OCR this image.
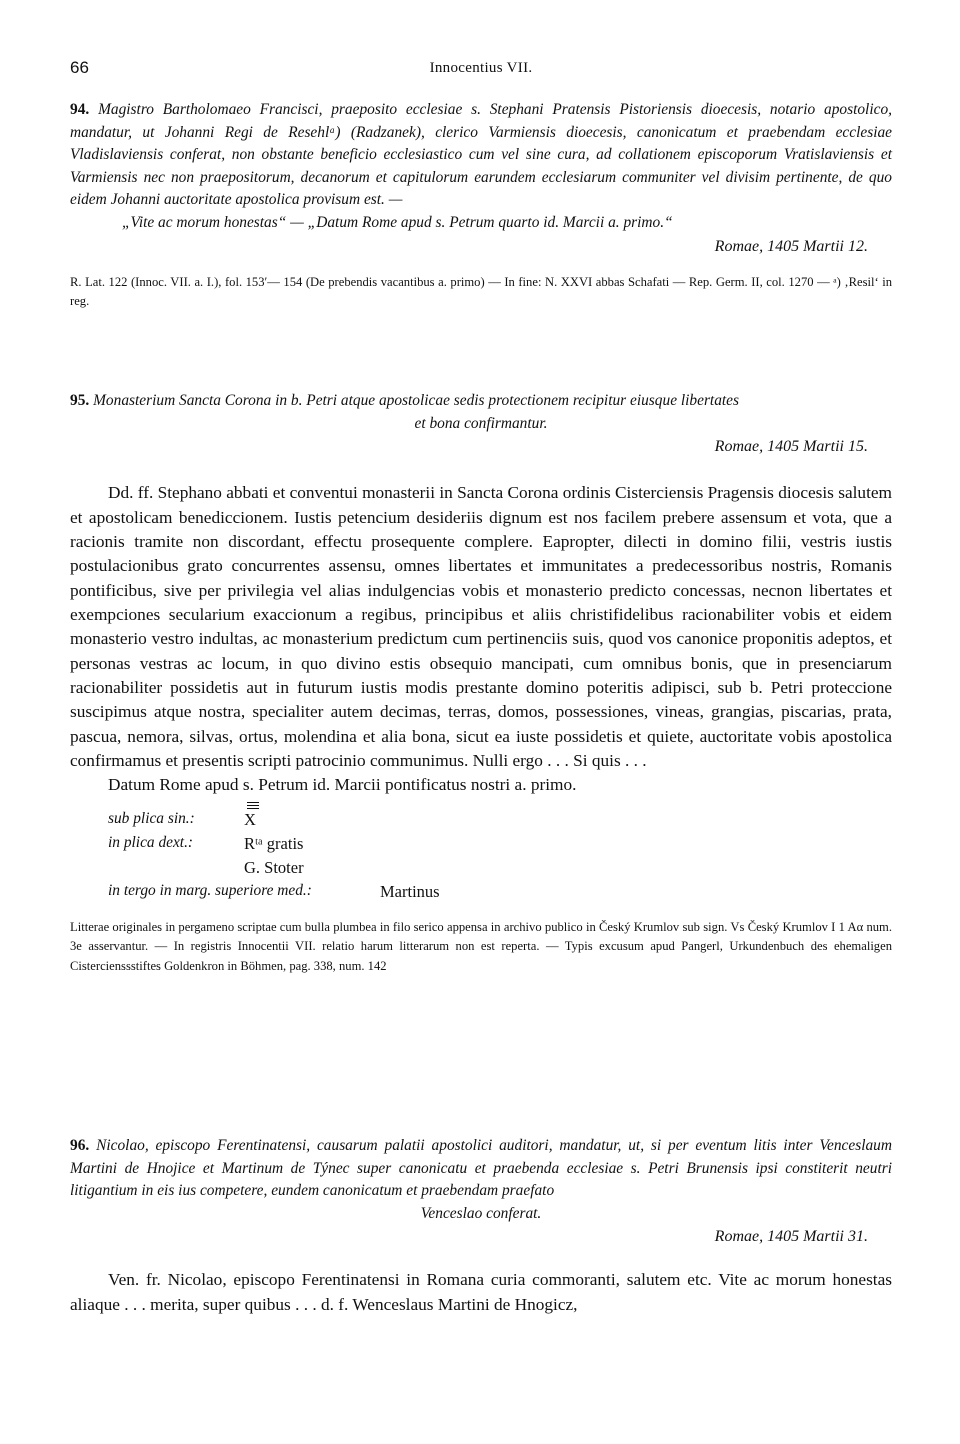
66	Innocentius VII.

94. Magistro Bartholomaeo Francisci, praeposito ecclesiae s. Stephani Pratensis Pistoriensis dioecesis, notario apostolico, mandatur, ut Johanni Regi de Resehlᵃ) (Radzanek), clerico Varmiensis dioecesis, canonicatum et praebendam ecclesiae Vladislaviensis conferat, non obstante beneficio ecclesiastico cum vel sine cura, ad collationem episcoporum Vratislaviensis et Varmiensis nec non praepositorum, decanorum et capitulorum earundem ecclesiarum communiter vel divisim pertinente, de quo eidem Johanni auctoritate apostolica provisum est. —

„Vite ac morum honestas“ — „Datum Rome apud s. Petrum quarto id. Marcii a. primo.“

Romae, 1405 Martii 12.

R. Lat. 122 (Innoc. VII. a. I.), fol. 153′— 154 (De prebendis vacantibus a. primo) — In fine: N. XXVI abbas Schafati — Rep. Germ. II, col. 1270 — ᵃ) ‚Resil‘ in reg.

95. Monasterium Sancta Corona in b. Petri atque apostolicae sedis protectionem recipitur eiusque libertates

et bona confirmantur.

Romae, 1405 Martii 15.

Dd. ff. Stephano abbati et conventui monasterii in Sancta Corona ordinis Cisterciensis Pragensis diocesis salutem et apostolicam benediccionem. Iustis petencium desideriis dignum est nos facilem prebere assensum et vota, que a racionis tramite non discordant, effectu prosequente complere. Eapropter, dilecti in domino filii, vestris iustis postulacionibus grato concurrentes assensu, omnes libertates et immunitates a predecessoribus nostris, Romanis pontificibus, sive per privilegia vel alias indulgencias vobis et monasterio predicto concessas, necnon libertates et exempciones secularium exaccionum a regibus, principibus et aliis christifidelibus racionabiliter vobis et eidem monasterio vestro indultas, ac monasterium predictum cum pertinenciis suis, quod vos canonice proponitis adeptos, et personas vestras ac locum, in quo divino estis obsequio mancipati, cum omnibus bonis, que in presenciarum racionabiliter possidetis aut in futurum iustis modis prestante domino poteritis adipisci, sub b. Petri proteccione suscipimus atque nostra, specialiter autem decimas, terras, domos, possessiones, vineas, grangias, piscarias, prata, pascua, nemora, silvas, ortus, molendina et alia bona, sicut ea iuste possidetis et quiete, auctoritate vobis apostolica confirmamus et presentis scripti patrocinio communimus. Nulli ergo . . . Si quis . . .

Datum Rome apud s. Petrum id. Marcii pontificatus nostri a. primo.

sub plica sin.:	X
in plica dext.:	Rᵗᵃ gratis
G. Stoter
in tergo in marg. superiore med.:	Martinus

Litterae originales in pergameno scriptae cum bulla plumbea in filo serico appensa in archivo publico in Český Krumlov sub sign. Vs Český Krumlov I 1 Aα num. 3e asservantur. — In registris Innocentii VII. relatio harum litterarum non est reperta. — Typis excusum apud Pangerl, Urkundenbuch des ehemaligen Cistercienssstiftes Goldenkron in Böhmen, pag. 338, num. 142

96. Nicolao, episcopo Ferentinatensi, causarum palatii apostolici auditori, mandatur, ut, si per eventum litis inter Venceslaum Martini de Hnojice et Martinum de Týnec super canonicatu et praebenda ecclesiae s. Petri Brunensis ipsi constiterit neutri litigantium in eis ius competere, eundem canonicatum et praebendam praefato

Venceslao conferat.

Romae, 1405 Martii 31.

Ven. fr. Nicolao, episcopo Ferentinatensi in Romana curia commoranti, salutem etc. Vite ac morum honestas aliaque . . . merita, super quibus . . . d. f. Wenceslaus Martini de Hnogicz,
